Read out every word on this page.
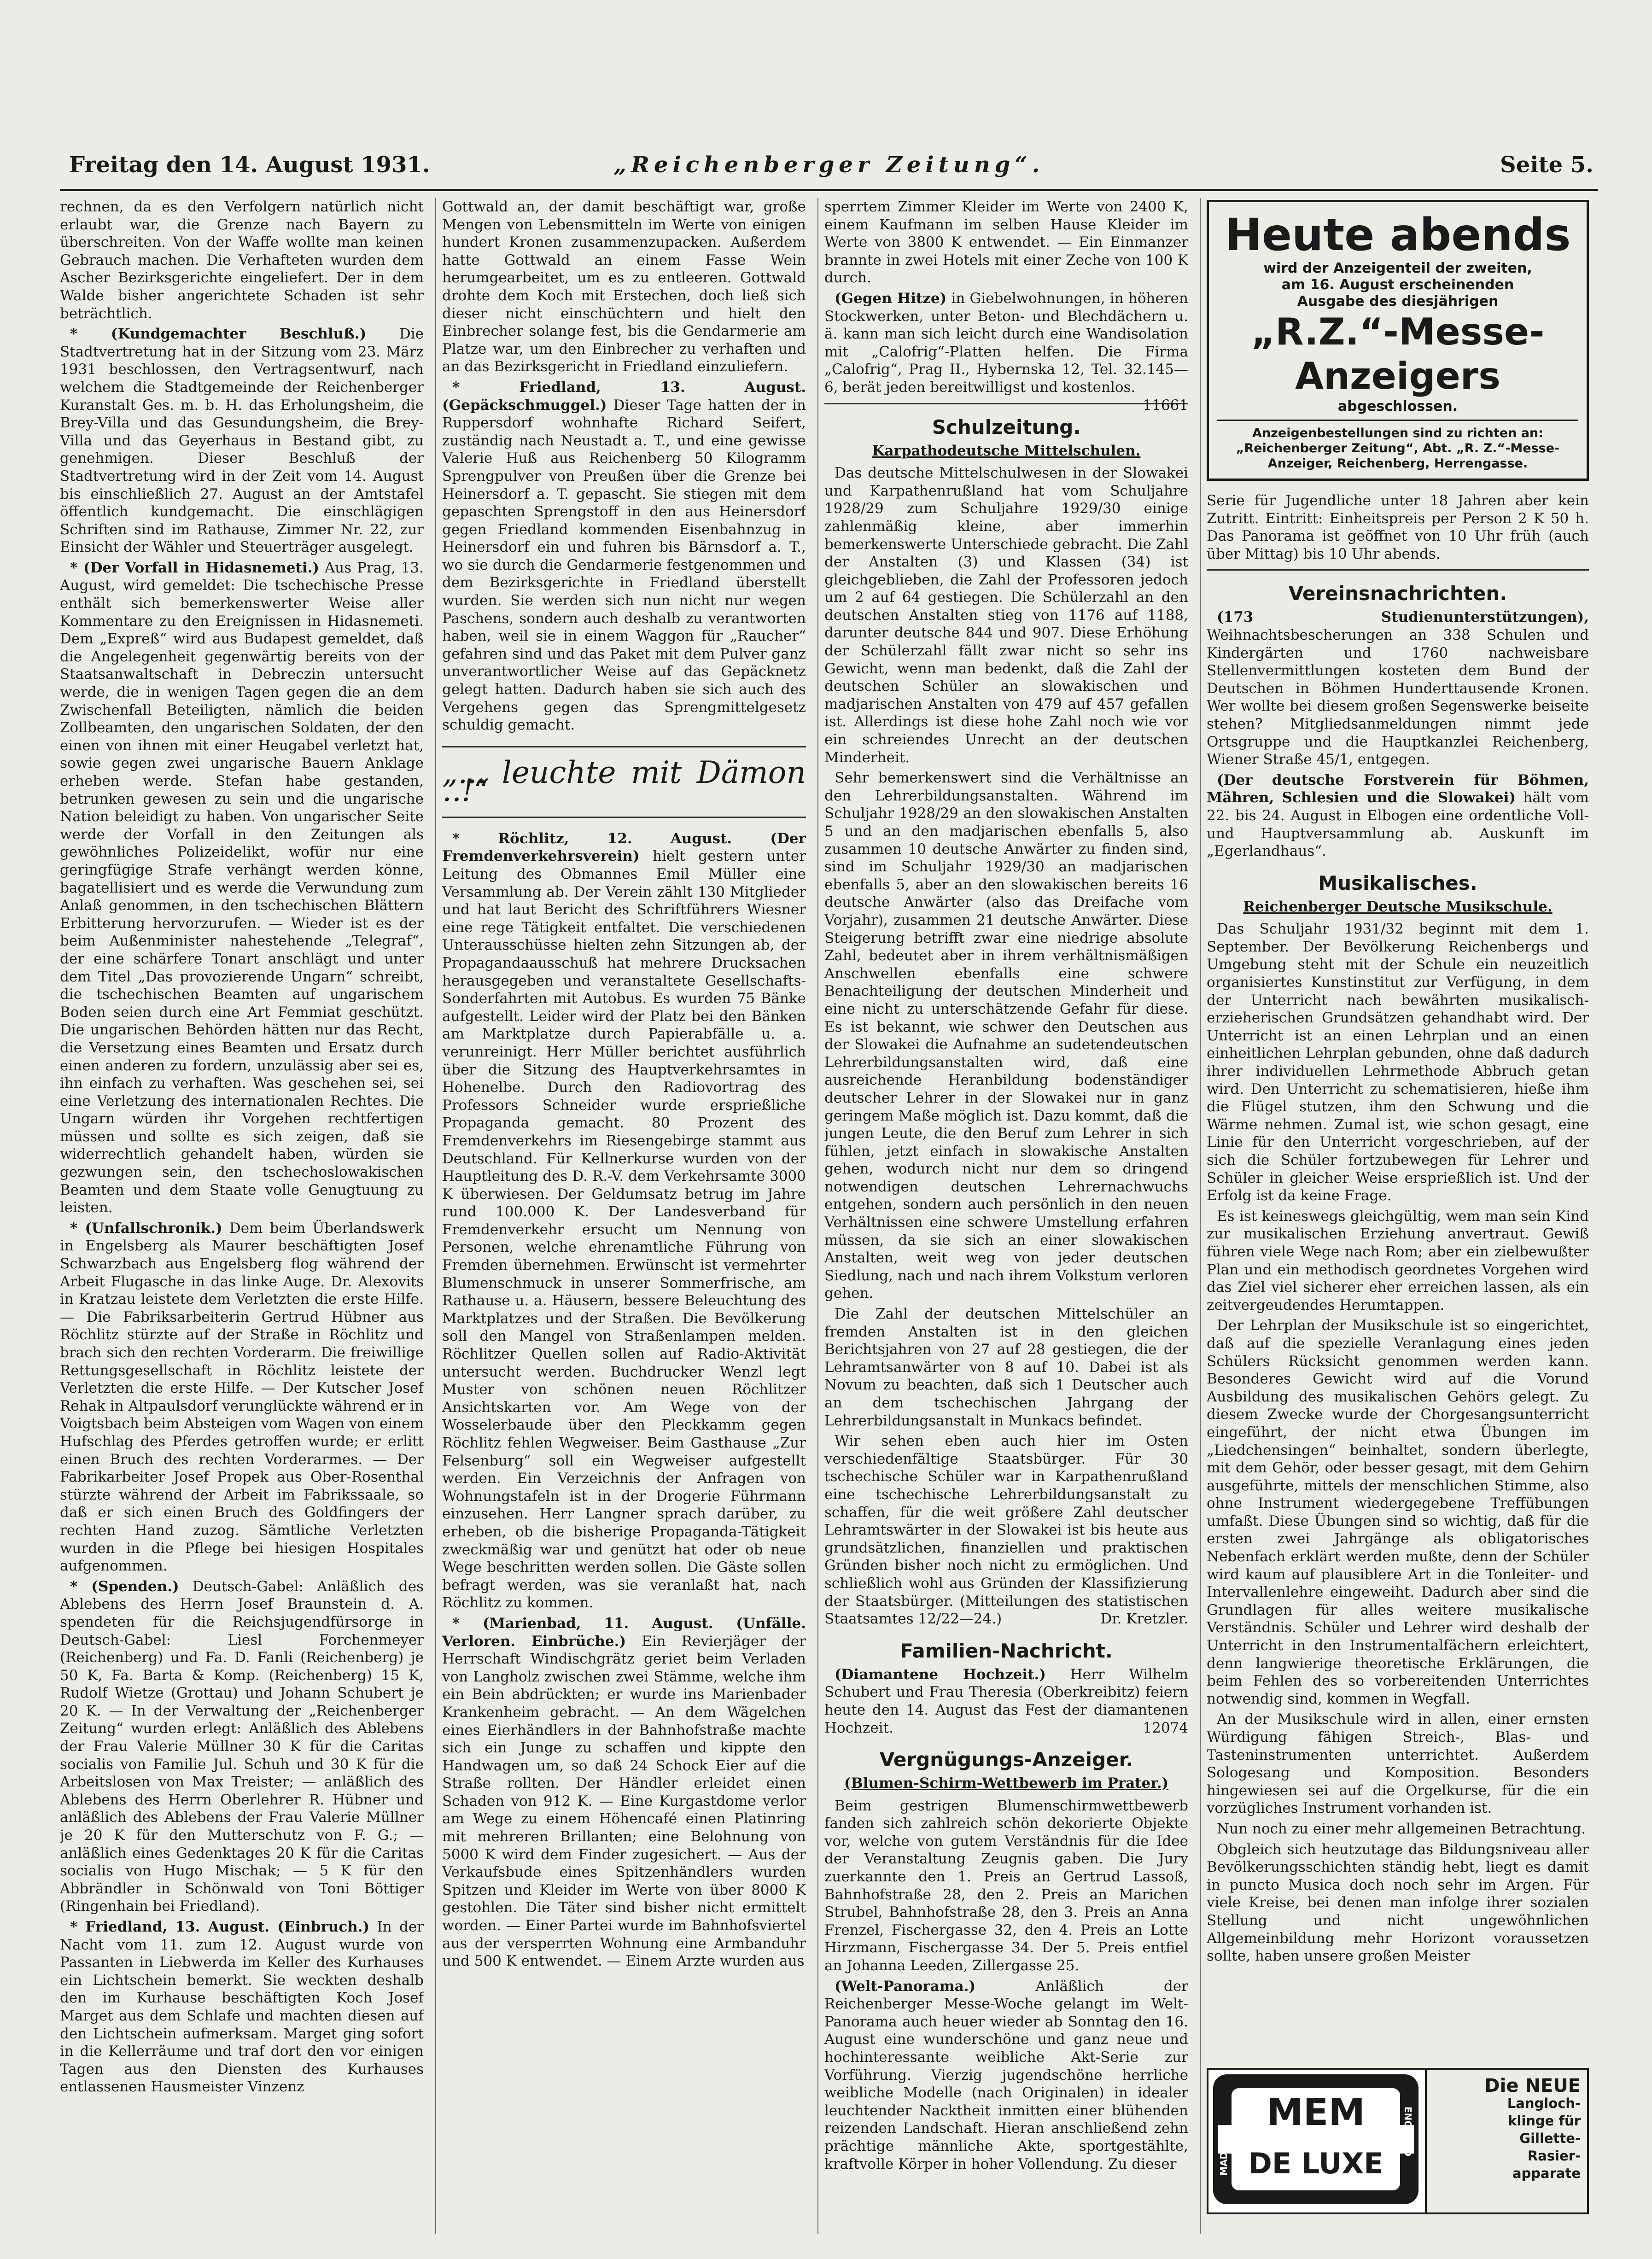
Freitag den 14. August 1931.	„Reichenberger Zeitung“.	Seite 5.

rechnen, da es den Verfolgern natürlich nicht erlaubt war, die Grenze nach Bayern zu überschreiten. Von der Waffe wollte man keinen Gebrauch machen. Die Verhafteten wurden dem Ascher Bezirksgerichte eingeliefert. Der in dem Walde bisher angerichtete Schaden ist sehr beträchtlich.

* (Kundgemachter Beschluß.) Die Stadtvertretung hat in der Sitzung vom 23. März 1931 beschlossen, den Vertragsentwurf, nach welchem die Stadtgemeinde der Reichenberger Kuranstalt Ges. m. b. H. das Erholungsheim, die Brey-Villa und das Gesundungsheim, die Brey-Villa und das Geyerhaus in Bestand gibt, zu genehmigen. Dieser Beschluß der Stadtvertretung wird in der Zeit vom 14. August bis einschließlich 27. August an der Amtstafel öffentlich kundgemacht. Die einschlägigen Schriften sind im Rathause, Zimmer Nr. 22, zur Einsicht der Wähler und Steuerträger ausgelegt.

* (Der Vorfall in Hidasnemeti.) Aus Prag, 13. August, wird gemeldet: Die tschechische Presse enthält sich bemerkenswerter Weise aller Kommentare zu den Ereignissen in Hidasnemeti. Dem „Expreß“ wird aus Budapest gemeldet, daß die Angelegenheit gegenwärtig bereits von der Staatsanwaltschaft in Debreczin untersucht werde, die in wenigen Tagen gegen die an dem Zwischenfall Beteiligten, nämlich die beiden Zollbeamten, den ungarischen Soldaten, der den einen von ihnen mit einer Heugabel verletzt hat, sowie gegen zwei ungarische Bauern Anklage erheben werde. Stefan habe gestanden, betrunken gewesen zu sein und die ungarische Nation beleidigt zu haben. Von ungarischer Seite werde der Vorfall in den Zeitungen als gewöhnliches Polizeidelikt, wofür nur eine geringfügige Strafe verhängt werden könne, bagatellisiert und es werde die Verwundung zum Anlaß genommen, in den tschechischen Blättern Erbitterung hervorzurufen. — Wieder ist es der beim Außenminister nahestehende „Telegraf“, der eine schärfere Tonart anschlägt und unter dem Titel „Das provozierende Ungarn“ schreibt, die tschechischen Beamten auf ungarischem Boden seien durch eine Art Femmiat geschützt. Die ungarischen Behörden hätten nur das Recht, die Versetzung eines Beamten und Ersatz durch einen anderen zu fordern, unzulässig aber sei es, ihn einfach zu verhaften. Was geschehen sei, sei eine Verletzung des internationalen Rechtes. Die Ungarn würden ihr Vorgehen rechtfertigen müssen und sollte es sich zeigen, daß sie widerrechtlich gehandelt haben, würden sie gezwungen sein, den tschechoslowakischen Beamten und dem Staate volle Genugtuung zu leisten.

* (Unfallschronik.) Dem beim Überlandswerk in Engelsberg als Maurer beschäftigten Josef Schwarzbach aus Engelsberg flog während der Arbeit Flugasche in das linke Auge. Dr. Alexovits in Kratzau leistete dem Verletzten die erste Hilfe. — Die Fabriksarbeiterin Gertrud Hübner aus Röchlitz stürzte auf der Straße in Röchlitz und brach sich den rechten Vorderarm. Die freiwillige Rettungsgesellschaft in Röchlitz leistete der Verletzten die erste Hilfe. — Der Kutscher Josef Rehak in Altpaulsdorf verunglückte während er in Voigtsbach beim Absteigen vom Wagen von einem Hufschlag des Pferdes getroffen wurde; er erlitt einen Bruch des rechten Vorderarmes. — Der Fabrikarbeiter Josef Propek aus Ober-Rosenthal stürzte während der Arbeit im Fabrikssaale, so daß er sich einen Bruch des Goldfingers der rechten Hand zuzog. Sämtliche Verletzten wurden in die Pflege bei hiesigen Hospitales aufgenommen.

* (Spenden.) Deutsch-Gabel: Anläßlich des Ablebens des Herrn Josef Braunstein d. A. spendeten für die Reichsjugendfürsorge in Deutsch-Gabel: Liesl Forchenmeyer (Reichenberg) und Fa. D. Fanli (Reichenberg) je 50 K, Fa. Barta & Komp. (Reichenberg) 15 K, Rudolf Wietze (Grottau) und Johann Schubert je 20 K. — In der Verwaltung der „Reichenberger Zeitung“ wurden erlegt: Anläßlich des Ablebens der Frau Valerie Müllner 30 K für die Caritas socialis von Familie Jul. Schuh und 30 K für die Arbeitslosen von Max Treister; — anläßlich des Ablebens des Herrn Oberlehrer R. Hübner und anläßlich des Ablebens der Frau Valerie Müllner je 20 K für den Mutterschutz von F. G.; — anläßlich eines Gedenktages 20 K für die Caritas socialis von Hugo Mischak; — 5 K für den Abbrändler in Schönwald von Toni Böttiger (Ringenhain bei Friedland).

* Friedland, 13. August. (Einbruch.) In der Nacht vom 11. zum 12. August wurde von Passanten in Liebwerda im Keller des Kurhauses ein Lichtschein bemerkt. Sie weckten deshalb den im Kurhause beschäftigten Koch Josef Marget aus dem Schlafe und machten diesen auf den Lichtschein aufmerksam. Marget ging sofort in die Kellerräume und traf dort den vor einigen Tagen aus den Diensten des Kurhauses entlassenen Hausmeister Vinzenz

Gottwald an, der damit beschäftigt war, große Mengen von Lebensmitteln im Werte von einigen hundert Kronen zusammenzupacken. Außerdem hatte Gottwald an einem Fasse Wein herumgearbeitet, um es zu entleeren. Gottwald drohte dem Koch mit Erstechen, doch ließ sich dieser nicht einschüchtern und hielt den Einbrecher solange fest, bis die Gendarmerie am Platze war, um den Einbrecher zu verhaften und an das Bezirksgericht in Friedland einzuliefern.

* Friedland, 13. August. (Gepäckschmuggel.) Dieser Tage hatten der in Ruppersdorf wohnhafte Richard Seifert, zuständig nach Neustadt a. T., und eine gewisse Valerie Huß aus Reichenberg 50 Kilogramm Sprengpulver von Preußen über die Grenze bei Heinersdorf a. T. gepascht. Sie stiegen mit dem gepaschten Sprengstoff in den aus Heinersdorf gegen Friedland kommenden Eisenbahnzug in Heinersdorf ein und fuhren bis Bärnsdorf a. T., wo sie durch die Gendarmerie festgenommen und dem Bezirksgerichte in Friedland überstellt wurden. Sie werden sich nun nicht nur wegen Paschens, sondern auch deshalb zu verantworten haben, weil sie in einem Waggon für „Raucher“ gefahren sind und das Paket mit dem Pulver ganz unverantwortlicher Weise auf das Gepäcknetz gelegt hatten. Dadurch haben sie sich auch des Vergehens gegen das Sprengmittelgesetz schuldig gemacht.

„... leuchte mit Dämon ..!“

* Röchlitz, 12. August. (Der Fremdenverkehrsverein) hielt gestern unter Leitung des Obmannes Emil Müller eine Versammlung ab. Der Verein zählt 130 Mitglieder und hat laut Bericht des Schriftführers Wiesner eine rege Tätigkeit entfaltet. Die verschiedenen Unterausschüsse hielten zehn Sitzungen ab, der Propagandaausschuß hat mehrere Drucksachen herausgegeben und veranstaltete Gesellschafts-Sonderfahrten mit Autobus. Es wurden 75 Bänke aufgestellt. Leider wird der Platz bei den Bänken am Marktplatze durch Papierabfälle u. a. verunreinigt. Herr Müller berichtet ausführlich über die Sitzung des Hauptverkehrsamtes in Hohenelbe. Durch den Radiovortrag des Professors Schneider wurde ersprießliche Propaganda gemacht. 80 Prozent des Fremdenverkehrs im Riesengebirge stammt aus Deutschland. Für Kellnerkurse wurden von der Hauptleitung des D. R.-V. dem Verkehrsamte 3000 K überwiesen. Der Geldumsatz betrug im Jahre rund 100.000 K. Der Landesverband für Fremdenverkehr ersucht um Nennung von Personen, welche ehrenamtliche Führung von Fremden übernehmen. Erwünscht ist vermehrter Blumenschmuck in unserer Sommerfrische, am Rathause u. a. Häusern, bessere Beleuchtung des Marktplatzes und der Straßen. Die Bevölkerung soll den Mangel von Straßenlampen melden. Röchlitzer Quellen sollen auf Radio-Aktivität untersucht werden. Buchdrucker Wenzl legt Muster von schönen neuen Röchlitzer Ansichtskarten vor. Am Wege von der Wosselerbaude über den Pleckkamm gegen Röchlitz fehlen Wegweiser. Beim Gasthause „Zur Felsenburg“ soll ein Wegweiser aufgestellt werden. Ein Verzeichnis der Anfragen von Wohnungstafeln ist in der Drogerie Führmann einzusehen. Herr Langner sprach darüber, zu erheben, ob die bisherige Propaganda-Tätigkeit zweckmäßig war und genützt hat oder ob neue Wege beschritten werden sollen. Die Gäste sollen befragt werden, was sie veranlaßt hat, nach Röchlitz zu kommen.

* (Marienbad, 11. August. (Unfälle. Verloren. Einbrüche.) Ein Revierjäger der Herrschaft Windischgrätz geriet beim Verladen von Langholz zwischen zwei Stämme, welche ihm ein Bein abdrückten; er wurde ins Marienbader Krankenheim gebracht. — An dem Wägelchen eines Eierhändlers in der Bahnhofstraße machte sich ein Junge zu schaffen und kippte den Handwagen um, so daß 24 Schock Eier auf die Straße rollten. Der Händler erleidet einen Schaden von 912 K. — Eine Kurgastdome verlor am Wege zu einem Höhencafé einen Platinring mit mehreren Brillanten; eine Belohnung von 5000 K wird dem Finder zugesichert. — Aus der Verkaufsbude eines Spitzenhändlers wurden Spitzen und Kleider im Werte von über 8000 K gestohlen. Die Täter sind bisher nicht ermittelt worden. — Einer Partei wurde im Bahnhofsviertel aus der versperrten Wohnung eine Armbanduhr und 500 K entwendet. — Einem Arzte wurden aus

sperrtem Zimmer Kleider im Werte von 2400 K, einem Kaufmann im selben Hause Kleider im Werte von 3800 K entwendet. — Ein Einmanzer brannte in zwei Hotels mit einer Zeche von 100 K durch.

(Gegen Hitze) in Giebelwohnungen, in höheren Stockwerken, unter Beton- und Blechdächern u. ä. kann man sich leicht durch eine Wandisolation mit „Calofrig“-Platten helfen. Die Firma „Calofrig“, Prag II., Hybernska 12, Tel. 32.145—6, berät jeden bereitwilligst und kostenlos.
11661

Schulzeitung.
Karpathodeutsche Mittelschulen.

Das deutsche Mittelschulwesen in der Slowakei und Karpathenrußland hat vom Schuljahre 1928/29 zum Schuljahre 1929/30 einige zahlenmäßig kleine, aber immerhin bemerkenswerte Unterschiede gebracht. Die Zahl der Anstalten (3) und Klassen (34) ist gleichgeblieben, die Zahl der Professoren jedoch um 2 auf 64 gestiegen. Die Schülerzahl an den deutschen Anstalten stieg von 1176 auf 1188, darunter deutsche 844 und 907. Diese Erhöhung der Schülerzahl fällt zwar nicht so sehr ins Gewicht, wenn man bedenkt, daß die Zahl der deutschen Schüler an slowakischen und madjarischen Anstalten von 479 auf 457 gefallen ist. Allerdings ist diese hohe Zahl noch wie vor ein schreiendes Unrecht an der deutschen Minderheit.

Sehr bemerkenswert sind die Verhältnisse an den Lehrerbildungsanstalten. Während im Schuljahr 1928/29 an den slowakischen Anstalten 5 und an den madjarischen ebenfalls 5, also zusammen 10 deutsche Anwärter zu finden sind, sind im Schuljahr 1929/30 an madjarischen ebenfalls 5, aber an den slowakischen bereits 16 deutsche Anwärter (also das Dreifache vom Vorjahr), zusammen 21 deutsche Anwärter. Diese Steigerung betrifft zwar eine niedrige absolute Zahl, bedeutet aber in ihrem verhältnismäßigen Anschwellen ebenfalls eine schwere Benachteiligung der deutschen Minderheit und eine nicht zu unterschätzende Gefahr für diese. Es ist bekannt, wie schwer den Deutschen aus der Slowakei die Aufnahme an sudetendeutschen Lehrerbildungsanstalten wird, daß eine ausreichende Heranbildung bodenständiger deutscher Lehrer in der Slowakei nur in ganz geringem Maße möglich ist. Dazu kommt, daß die jungen Leute, die den Beruf zum Lehrer in sich fühlen, jetzt einfach in slowakische Anstalten gehen, wodurch nicht nur dem so dringend notwendigen deutschen Lehrernachwuchs entgehen, sondern auch persönlich in den neuen Verhältnissen eine schwere Umstellung erfahren müssen, da sie sich an einer slowakischen Anstalten, weit weg von jeder deutschen Siedlung, nach und nach ihrem Volkstum verloren gehen.

Die Zahl der deutschen Mittelschüler an fremden Anstalten ist in den gleichen Berichtsjahren von 27 auf 28 gestiegen, die der Lehramtsanwärter von 8 auf 10. Dabei ist als Novum zu beachten, daß sich 1 Deutscher auch an dem tschechischen Jahrgang der Lehrerbildungsanstalt in Munkacs befindet.

Wir sehen eben auch hier im Osten verschiedenfältige Staatsbürger. Für 30 tschechische Schüler war in Karpathenrußland eine tschechische Lehrerbildungsanstalt zu schaffen, für die weit größere Zahl deutscher Lehramtswärter in der Slowakei ist bis heute aus grundsätzlichen, finanziellen und praktischen Gründen bisher noch nicht zu ermöglichen. Und schließlich wohl aus Gründen der Klassifizierung der Staatsbürger. (Mitteilungen des statistischen Staatsamtes 12/22—24.)	Dr. Kretzler.

Familien-Nachricht.

(Diamantene Hochzeit.) Herr Wilhelm Schubert und Frau Theresia (Oberkreibitz) feiern heute den 14. August das Fest der diamantenen Hochzeit.	12074

Vergnügungs-Anzeiger.
(Blumen-Schirm-Wettbewerb im Prater.)

Beim gestrigen Blumenschirmwettbewerb fanden sich zahlreich schön dekorierte Objekte vor, welche von gutem Verständnis für die Idee der Veranstaltung Zeugnis gaben. Die Jury zuerkannte den 1. Preis an Gertrud Lassoß, Bahnhofstraße 28, den 2. Preis an Marichen Strubel, Bahnhofstraße 28, den 3. Preis an Anna Frenzel, Fischergasse 32, den 4. Preis an Lotte Hirzmann, Fischergasse 34. Der 5. Preis entfiel an Johanna Leeden, Zillergasse 25.

(Welt-Panorama.) Anläßlich der Reichenberger Messe-Woche gelangt im Welt-Panorama auch heuer wieder ab Sonntag den 16. August eine wunderschöne und ganz neue und hochinteressante weibliche Akt-Serie zur Vorführung. Vierzig jugendschöne herrliche weibliche Modelle (nach Originalen) in idealer leuchtender Nacktheit inmitten einer blühenden reizenden Landschaft. Hieran anschließend zehn prächtige männliche Akte, sportgestählte, kraftvolle Körper in hoher Vollendung. Zu dieser

Heute abends
wird der Anzeigenteil der zweiten,
am 16. August erscheinenden
Ausgabe des diesjährigen
„R.Z.“-Messe-Anzeigers
abgeschlossen.
Anzeigenbestellungen sind zu richten an:
„Reichenberger Zeitung“, Abt. „R. Z.“-Messe-
Anzeiger, Reichenberg, Herrengasse.

Serie für Jugendliche unter 18 Jahren aber kein Zutritt. Eintritt: Einheitspreis per Person 2 K 50 h. Das Panorama ist geöffnet von 10 Uhr früh (auch über Mittag) bis 10 Uhr abends.

Vereinsnachrichten.

(173 Studienunterstützungen), Weihnachtsbescherungen an 338 Schulen und Kindergärten und 1760 nachweisbare Stellenvermittlungen kosteten dem Bund der Deutschen in Böhmen Hunderttausende Kronen. Wer wollte bei diesem großen Segenswerke beiseite stehen? Mitgliedsanmeldungen nimmt jede Ortsgruppe und die Hauptkanzlei Reichenberg, Wiener Straße 45/1, entgegen.

(Der deutsche Forstverein für Böhmen, Mähren, Schlesien und die Slowakei) hält vom 22. bis 24. August in Elbogen eine ordentliche Voll- und Hauptversammlung ab. Auskunft im „Egerlandhaus“.

Musikalisches.
Reichenberger Deutsche Musikschule.

Das Schuljahr 1931/32 beginnt mit dem 1. September. Der Bevölkerung Reichenbergs und Umgebung steht mit der Schule ein neuzeitlich organisiertes Kunstinstitut zur Verfügung, in dem der Unterricht nach bewährten musikalisch-erzieherischen Grundsätzen gehandhabt wird. Der Unterricht ist an einen Lehrplan und an einen einheitlichen Lehrplan gebunden, ohne daß dadurch ihrer individuellen Lehrmethode Abbruch getan wird. Den Unterricht zu schematisieren, hieße ihm die Flügel stutzen, ihm den Schwung und die Wärme nehmen. Zumal ist, wie schon gesagt, eine Linie für den Unterricht vorgeschrieben, auf der sich die Schüler fortzubewegen für Lehrer und Schüler in gleicher Weise ersprießlich ist. Und der Erfolg ist da keine Frage.

Es ist keineswegs gleichgültig, wem man sein Kind zur musikalischen Erziehung anvertraut. Gewiß führen viele Wege nach Rom; aber ein zielbewußter Plan und ein methodisch geordnetes Vorgehen wird das Ziel viel sicherer eher erreichen lassen, als ein zeitvergeudendes Herumtappen.

Der Lehrplan der Musikschule ist so eingerichtet, daß auf die spezielle Veranlagung eines jeden Schülers Rücksicht genommen werden kann. Besonderes Gewicht wird auf die Vorund Ausbildung des musikalischen Gehörs gelegt. Zu diesem Zwecke wurde der Chorgesangsunterricht eingeführt, der nicht etwa Übungen im „Liedchensingen“ beinhaltet, sondern überlegte, mit dem Gehör, oder besser gesagt, mit dem Gehirn ausgeführte, mittels der menschlichen Stimme, also ohne Instrument wiedergegebene Treffübungen umfaßt. Diese Übungen sind so wichtig, daß für die ersten zwei Jahrgänge als obligatorisches Nebenfach erklärt werden mußte, denn der Schüler wird kaum auf plausiblere Art in die Tonleiter- und Intervallenlehre eingeweiht. Dadurch aber sind die Grundlagen für alles weitere musikalische Verständnis. Schüler und Lehrer wird deshalb der Unterricht in den Instrumentalfächern erleichtert, denn langwierige theoretische Erklärungen, die beim Fehlen des so vorbereitenden Unterrichtes notwendig sind, kommen in Wegfall.

An der Musikschule wird in allen, einer ernsten Würdigung fähigen Streich-, Blas- und Tasteninstrumenten unterrichtet. Außerdem Sologesang und Komposition. Besonders hingewiesen sei auf die Orgelkurse, für die ein vorzügliches Instrument vorhanden ist.

Nun noch zu einer mehr allgemeinen Betrachtung.

Obgleich sich heutzutage das Bildungsniveau aller Bevölkerungsschichten ständig hebt, liegt es damit in puncto Musica doch noch sehr im Argen. Für viele Kreise, bei denen man infolge ihrer sozialen Stellung und nicht ungewöhnlichen Allgemeinbildung mehr Horizont voraussetzen sollte, haben unsere großen Meister

MEM
DE LUXE
MADE IN	ENGLAND
Die NEUE
Langloch-
klinge für
Gillette-
Rasier-
apparate
